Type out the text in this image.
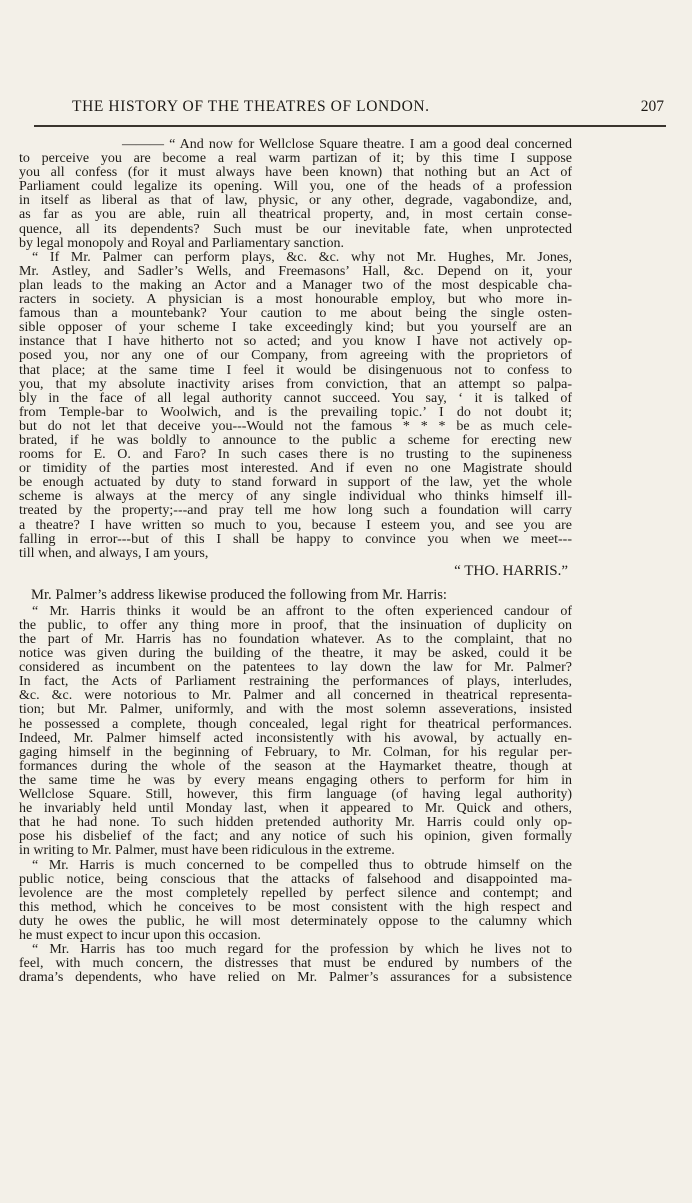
THE HISTORY OF THE THEATRES OF LONDON.	207
——— “ And now for Wellclose Square theatre. I am a good deal concerned
to perceive you are become a real warm partizan of it; by this time I suppose
you all confess (for it must always have been known) that nothing but an Act of
Parliament could legalize its opening. Will you, one of the heads of a profession
in itself as liberal as that of law, physic, or any other, degrade, vagabondize, and,
as far as you are able, ruin all theatrical property, and, in most certain conse-
quence, all its dependents? Such must be our inevitable fate, when unprotected
by legal monopoly and Royal and Parliamentary sanction.
“ If Mr. Palmer can perform plays, &c. &c. why not Mr. Hughes, Mr. Jones,
Mr. Astley, and Sadler’s Wells, and Freemasons’ Hall, &c. Depend on it, your
plan leads to the making an Actor and a Manager two of the most despicable cha-
racters in society. A physician is a most honourable employ, but who more in-
famous than a mountebank? Your caution to me about being the single osten-
sible opposer of your scheme I take exceedingly kind; but you yourself are an
instance that I have hitherto not so acted; and you know I have not actively op-
posed you, nor any one of our Company, from agreeing with the proprietors of
that place; at the same time I feel it would be disingenuous not to confess to
you, that my absolute inactivity arises from conviction, that an attempt so palpa-
bly in the face of all legal authority cannot succeed. You say, ‘ it is talked of
from Temple-bar to Woolwich, and is the prevailing topic.’ I do not doubt it;
but do not let that deceive you---Would not the famous * * * be as much cele-
brated, if he was boldly to announce to the public a scheme for erecting new
rooms for E. O. and Faro? In such cases there is no trusting to the supineness
or timidity of the parties most interested. And if even no one Magistrate should
be enough actuated by duty to stand forward in support of the law, yet the whole
scheme is always at the mercy of any single individual who thinks himself ill-
treated by the property;---and pray tell me how long such a foundation will carry
a theatre? I have written so much to you, because I esteem you, and see you are
falling in error---but of this I shall be happy to convince you when we meet---
till when, and always, I am yours,
“ THO. HARRIS.”
Mr. Palmer’s address likewise produced the following from Mr. Harris:
“ Mr. Harris thinks it would be an affront to the often experienced candour of
the public, to offer any thing more in proof, that the insinuation of duplicity on
the part of Mr. Harris has no foundation whatever. As to the complaint, that no
notice was given during the building of the theatre, it may be asked, could it be
considered as incumbent on the patentees to lay down the law for Mr. Palmer?
In fact, the Acts of Parliament restraining the performances of plays, interludes,
&c. &c. were notorious to Mr. Palmer and all concerned in theatrical representa-
tion; but Mr. Palmer, uniformly, and with the most solemn asseverations, insisted
he possessed a complete, though concealed, legal right for theatrical performances.
Indeed, Mr. Palmer himself acted inconsistently with his avowal, by actually en-
gaging himself in the beginning of February, to Mr. Colman, for his regular per-
formances during the whole of the season at the Haymarket theatre, though at
the same time he was by every means engaging others to perform for him in
Wellclose Square. Still, however, this firm language (of having legal authority)
he invariably held until Monday last, when it appeared to Mr. Quick and others,
that he had none. To such hidden pretended authority Mr. Harris could only op-
pose his disbelief of the fact; and any notice of such his opinion, given formally
in writing to Mr. Palmer, must have been ridiculous in the extreme.
“ Mr. Harris is much concerned to be compelled thus to obtrude himself on the
public notice, being conscious that the attacks of falsehood and disappointed ma-
levolence are the most completely repelled by perfect silence and contempt; and
this method, which he conceives to be most consistent with the high respect and
duty he owes the public, he will most determinately oppose to the calumny which
he must expect to incur upon this occasion.
“ Mr. Harris has too much regard for the profession by which he lives not to
feel, with much concern, the distresses that must be endured by numbers of the
drama’s dependents, who have relied on Mr. Palmer’s assurances for a subsistence
